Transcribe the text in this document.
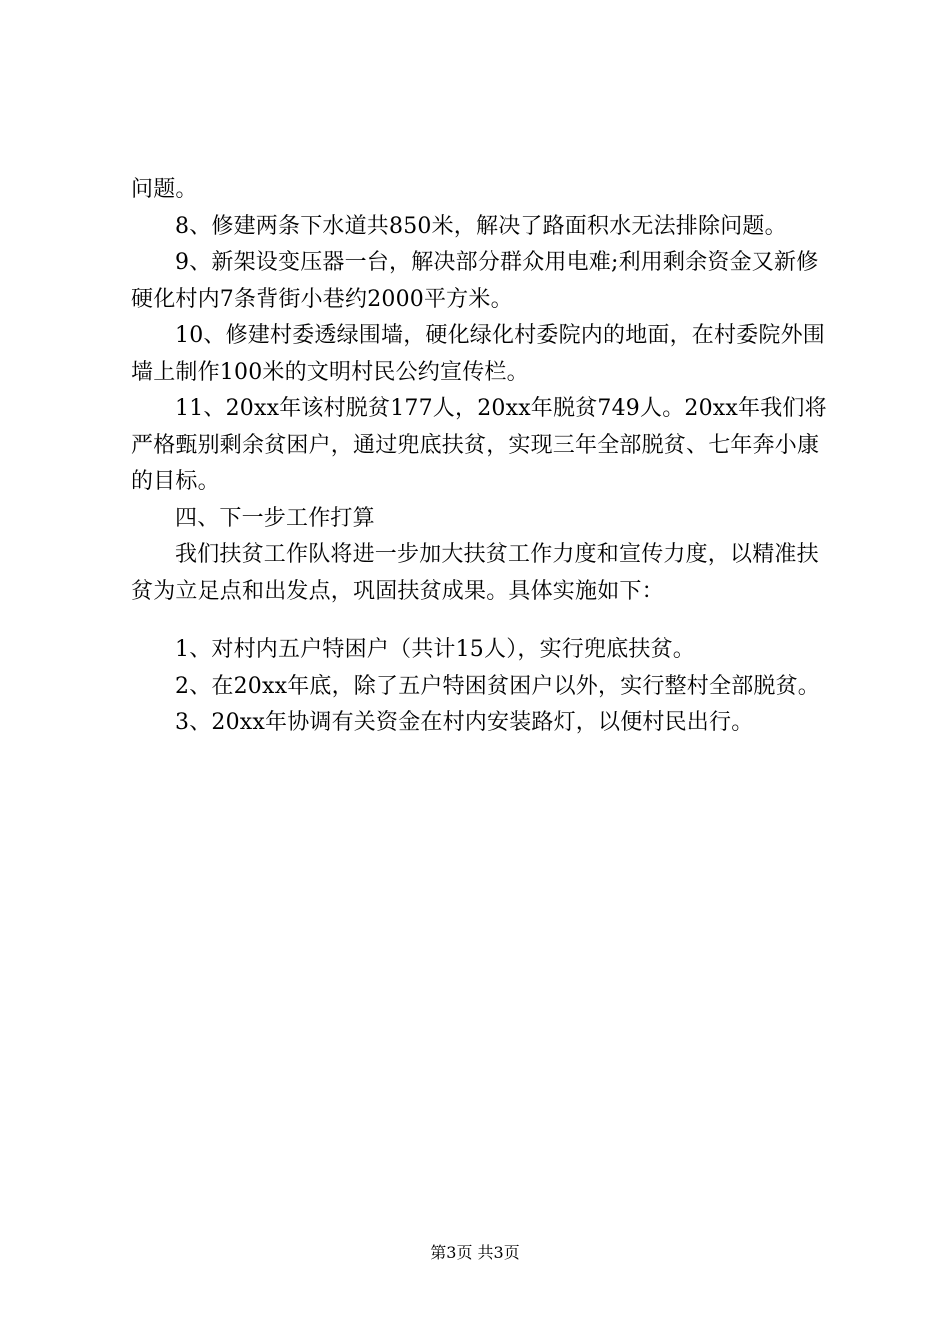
问题。

8、修建两条下水道共850米，解决了路面积水无法排除问题。

9、新架设变压器一台，解决部分群众用电难;利用剩余资金又新修硬化村内7条背街小巷约2000平方米。

10、修建村委透绿围墙，硬化绿化村委院内的地面，在村委院外围墙上制作100米的文明村民公约宣传栏。

11、20xx年该村脱贫177人，20xx年脱贫749人。20xx年我们将严格甄别剩余贫困户，通过兜底扶贫，实现三年全部脱贫、七年奔小康的目标。

四、下一步工作打算

我们扶贫工作队将进一步加大扶贫工作力度和宣传力度，以精准扶贫为立足点和出发点，巩固扶贫成果。具体实施如下：

1、对村内五户特困户（共计15人），实行兜底扶贫。

2、在20xx年底，除了五户特困贫困户以外，实行整村全部脱贫。

3、20xx年协调有关资金在村内安装路灯，以便村民出行。

第3页 共3页
